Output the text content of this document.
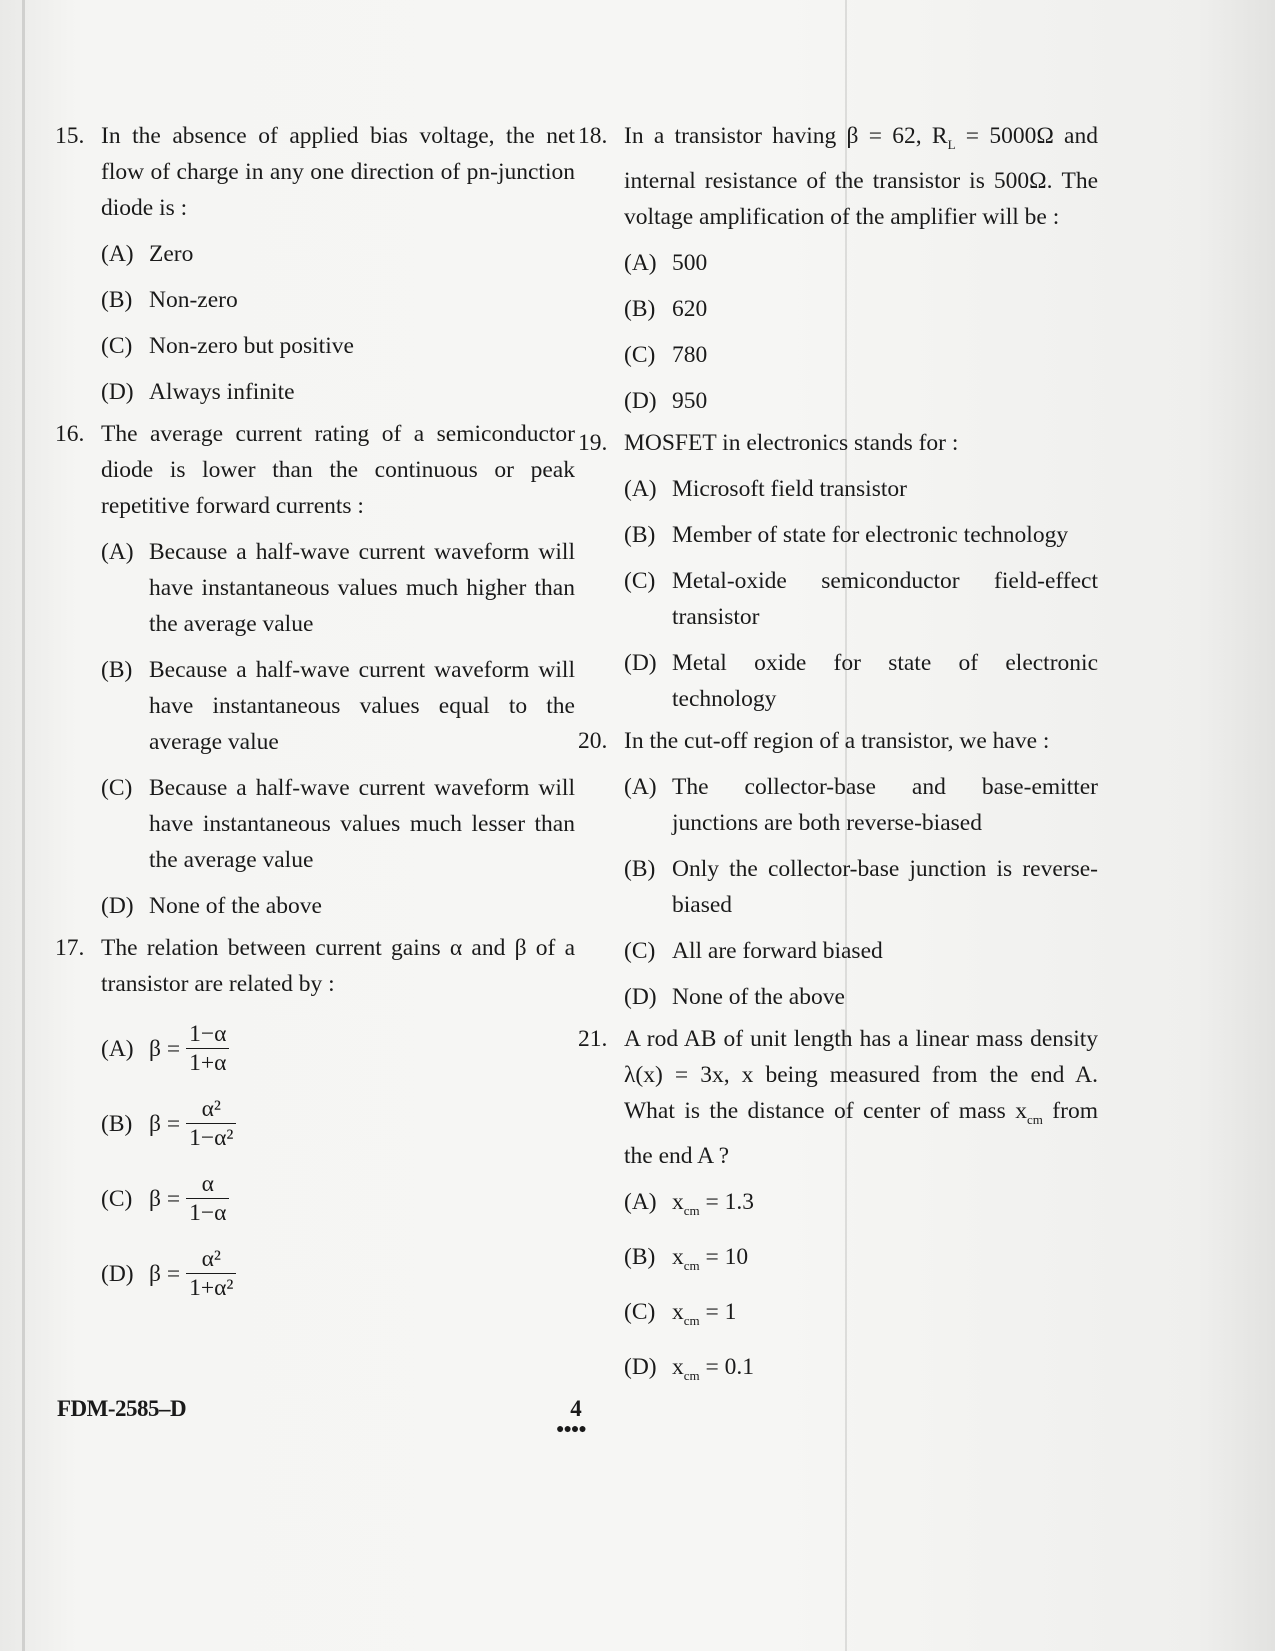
15. In the absence of applied bias voltage, the net flow of charge in any one direction of pn-junction diode is :
(A) Zero
(B) Non-zero
(C) Non-zero but positive
(D) Always infinite
16. The average current rating of a semiconductor diode is lower than the continuous or peak repetitive forward currents :
(A) Because a half-wave current waveform will have instantaneous values much higher than the average value
(B) Because a half-wave current waveform will have instantaneous values equal to the average value
(C) Because a half-wave current waveform will have instantaneous values much lesser than the average value
(D) None of the above
17. The relation between current gains α and β of a transistor are related by :
(A) $\beta = \frac{1-\alpha}{1+\alpha}$
(B) $\beta = \frac{\text{α²}}{\text{1−α²}}$
(C) $\beta = \frac{\alpha}{1-\alpha}$
(D) $\beta = \frac{\text{α²}}{\text{1+α²}}$
18. In a transistor having β = 62, $R_L = 5000\Omega$ and internal resistance of the transistor is 500Ω. The voltage amplification of the amplifier will be :
(A) 500
(B) 620
(C) 780
(D) 950
19. MOSFET in electronics stands for :
(A) Microsoft field transistor
(B) Member of state for electronic technology
(C) Metal-oxide semiconductor field-effect transistor
(D) Metal oxide for state of electronic technology
20. In the cut-off region of a transistor, we have :
(A) The collector-base and base-emitter junctions are both reverse-biased
(B) Only the collector-base junction is reverse-biased
(C) All are forward biased
(D) None of the above
21. A rod AB of unit length has a linear mass density λ(x) = 3x, x being measured from the end A. What is the distance of center of mass $x_{cm}$ from the end A ?
(A) $x_{cm} = 1.3$
(B) $x_{cm} = 10$
(C) $x_{cm} = 1$
(D) $x_{cm} = 0.1$
FDM-2585–D	4
●●●●
